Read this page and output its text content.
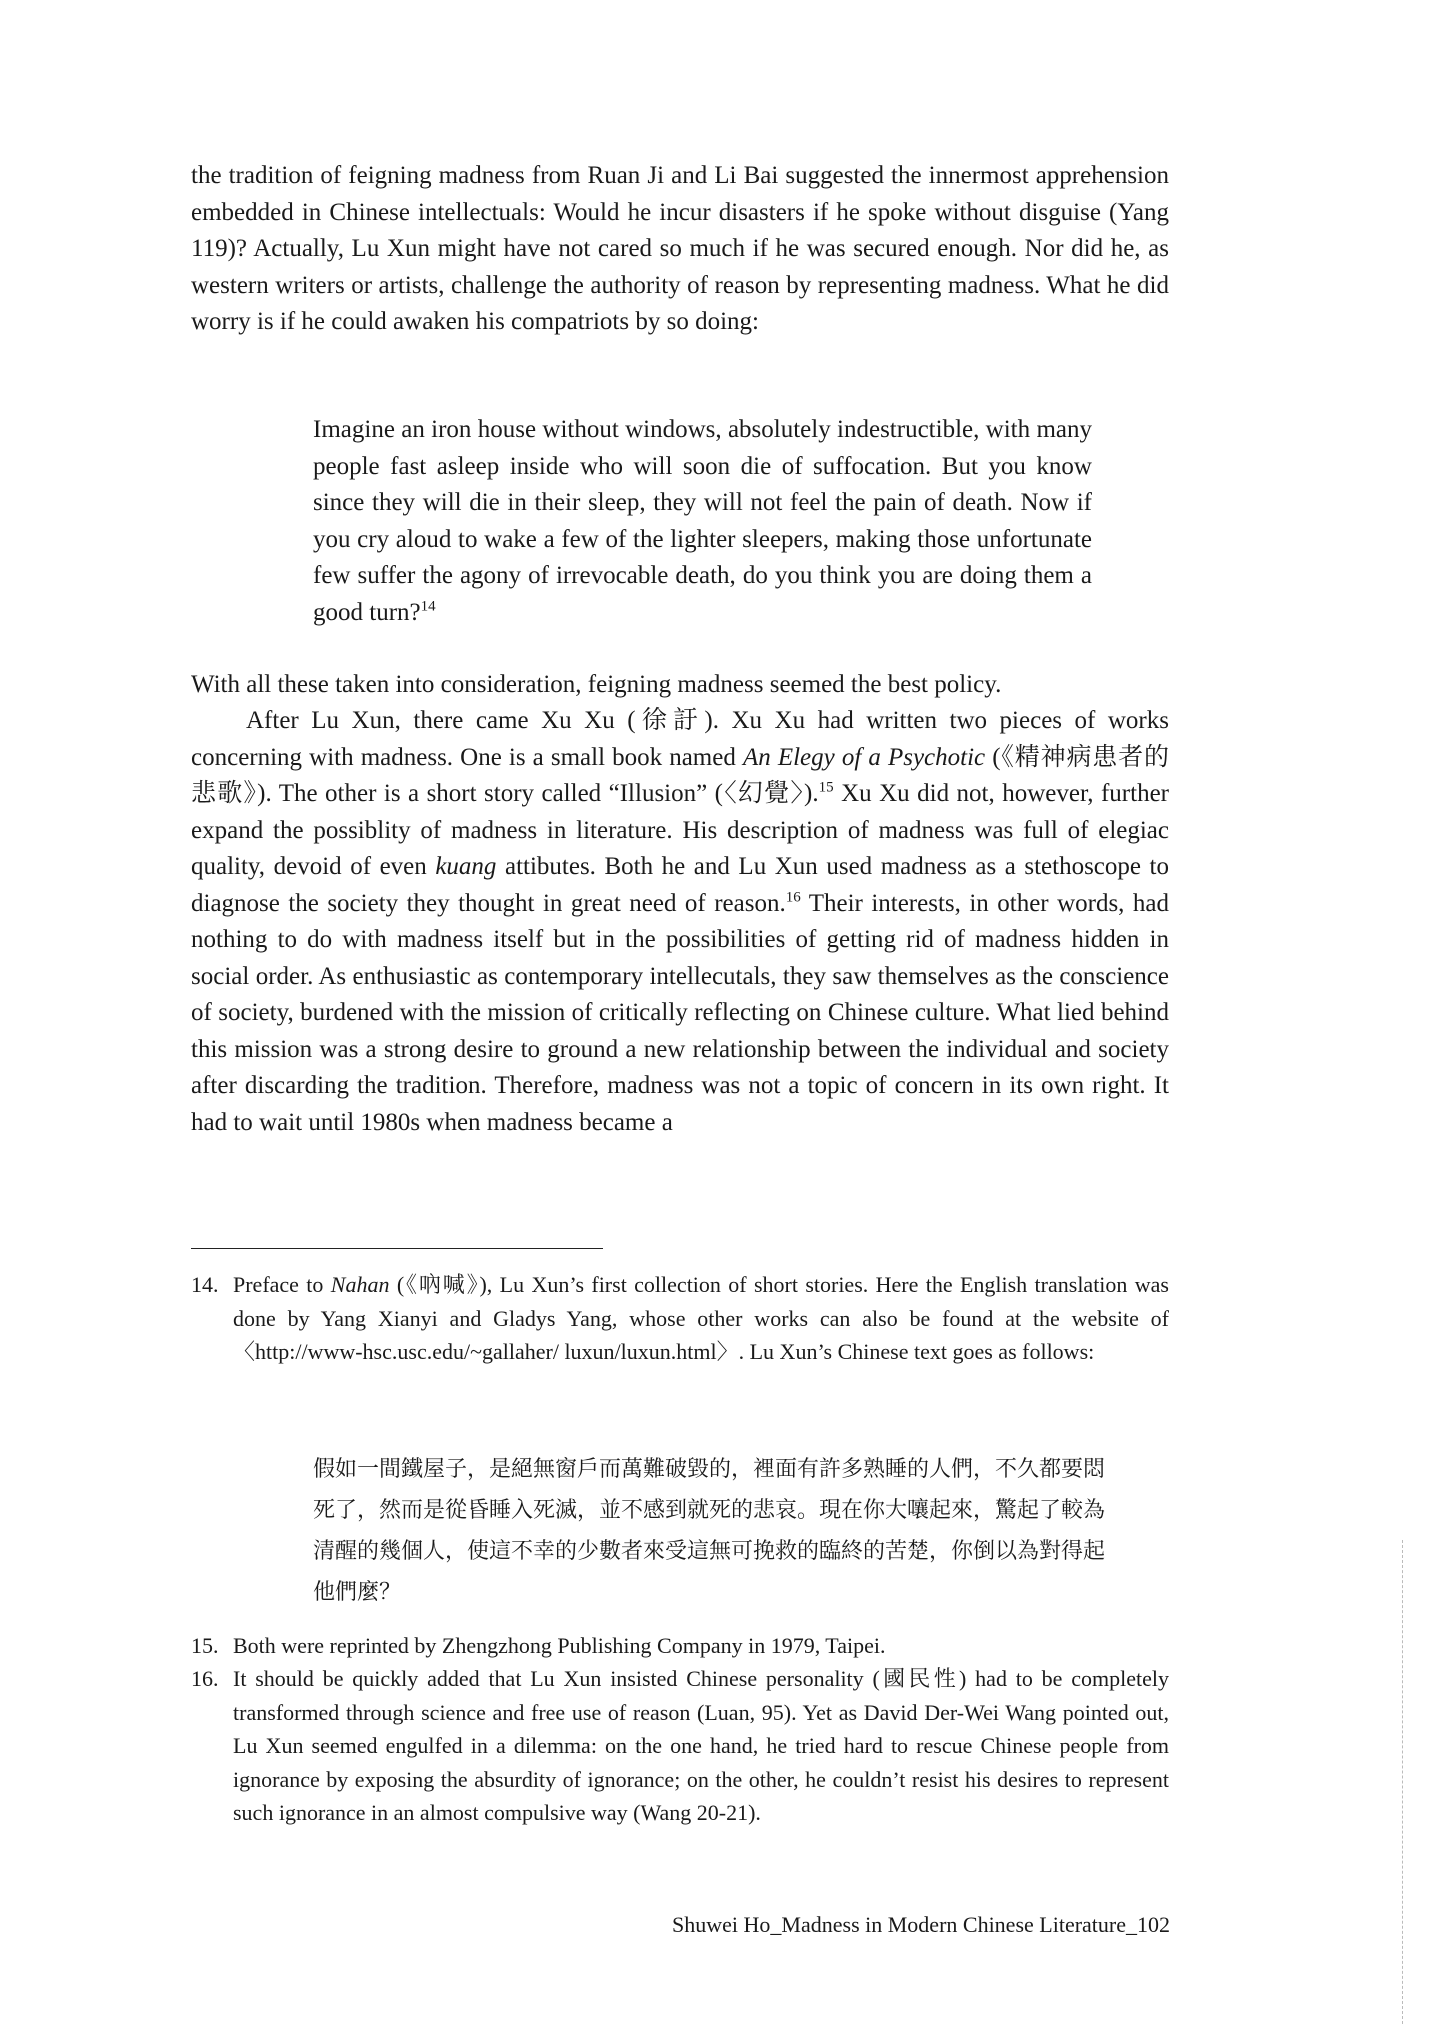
the tradition of feigning madness from Ruan Ji and Li Bai suggested the innermost apprehension embedded in Chinese intellectuals: Would he incur disasters if he spoke without disguise (Yang 119)? Actually, Lu Xun might have not cared so much if he was secured enough. Nor did he, as western writers or artists, challenge the authority of reason by representing madness. What he did worry is if he could awaken his compatriots by so doing:

Imagine an iron house without windows, absolutely indestructible, with many people fast asleep inside who will soon die of suffocation. But you know since they will die in their sleep, they will not feel the pain of death. Now if you cry aloud to wake a few of the lighter sleepers, making those unfortunate few suffer the agony of irrevocable death, do you think you are doing them a good turn?$^{14}$

With all these taken into consideration, feigning madness seemed the best policy.

After Lu Xun, there came Xu Xu (徐訏). Xu Xu had written two pieces of works concerning with madness. One is a small book named An Elegy of a Psychotic (《精神病患者的悲歌》). The other is a short story called “Illusion” (〈幻覺〉).$^{15}$ Xu Xu did not, however, further expand the possiblity of madness in literature. His description of madness was full of elegiac quality, devoid of even kuang attibutes. Both he and Lu Xun used madness as a stethoscope to diagnose the society they thought in great need of reason.$^{16}$ Their interests, in other words, had nothing to do with madness itself but in the possibilities of getting rid of madness hidden in social order. As enthusiastic as contemporary intellecutals, they saw themselves as the conscience of society, burdened with the mission of critically reflecting on Chinese culture. What lied behind this mission was a strong desire to ground a new relationship between the individual and society after discarding the tradition. Therefore, madness was not a topic of concern in its own right. It had to wait until 1980s when madness became a

14. Preface to Nahan (《吶喊》), Lu Xun’s first collection of short stories. Here the English translation was done by Yang Xianyi and Gladys Yang, whose other works can also be found at the website of 〈http://www-hsc.usc.edu/~gallaher/ luxun/luxun.html〉. Lu Xun’s Chinese text goes as follows:

假如一間鐵屋子，是絕無窗戶而萬難破毀的，裡面有許多熟睡的人們，不久都要悶死了，然而是從昏睡入死滅，並不感到就死的悲哀。現在你大嚷起來，驚起了較為清醒的幾個人，使這不幸的少數者來受這無可挽救的臨終的苦楚，你倒以為對得起他們麼？

15. Both were reprinted by Zhengzhong Publishing Company in 1979, Taipei.

16. It should be quickly added that Lu Xun insisted Chinese personality (國民性) had to be completely transformed through science and free use of reason (Luan, 95). Yet as David Der-Wei Wang pointed out, Lu Xun seemed engulfed in a dilemma: on the one hand, he tried hard to rescue Chinese people from ignorance by exposing the absurdity of ignorance; on the other, he couldn’t resist his desires to represent such ignorance in an almost compulsive way (Wang 20-21).

Shuwei Ho_Madness in Modern Chinese Literature_102
